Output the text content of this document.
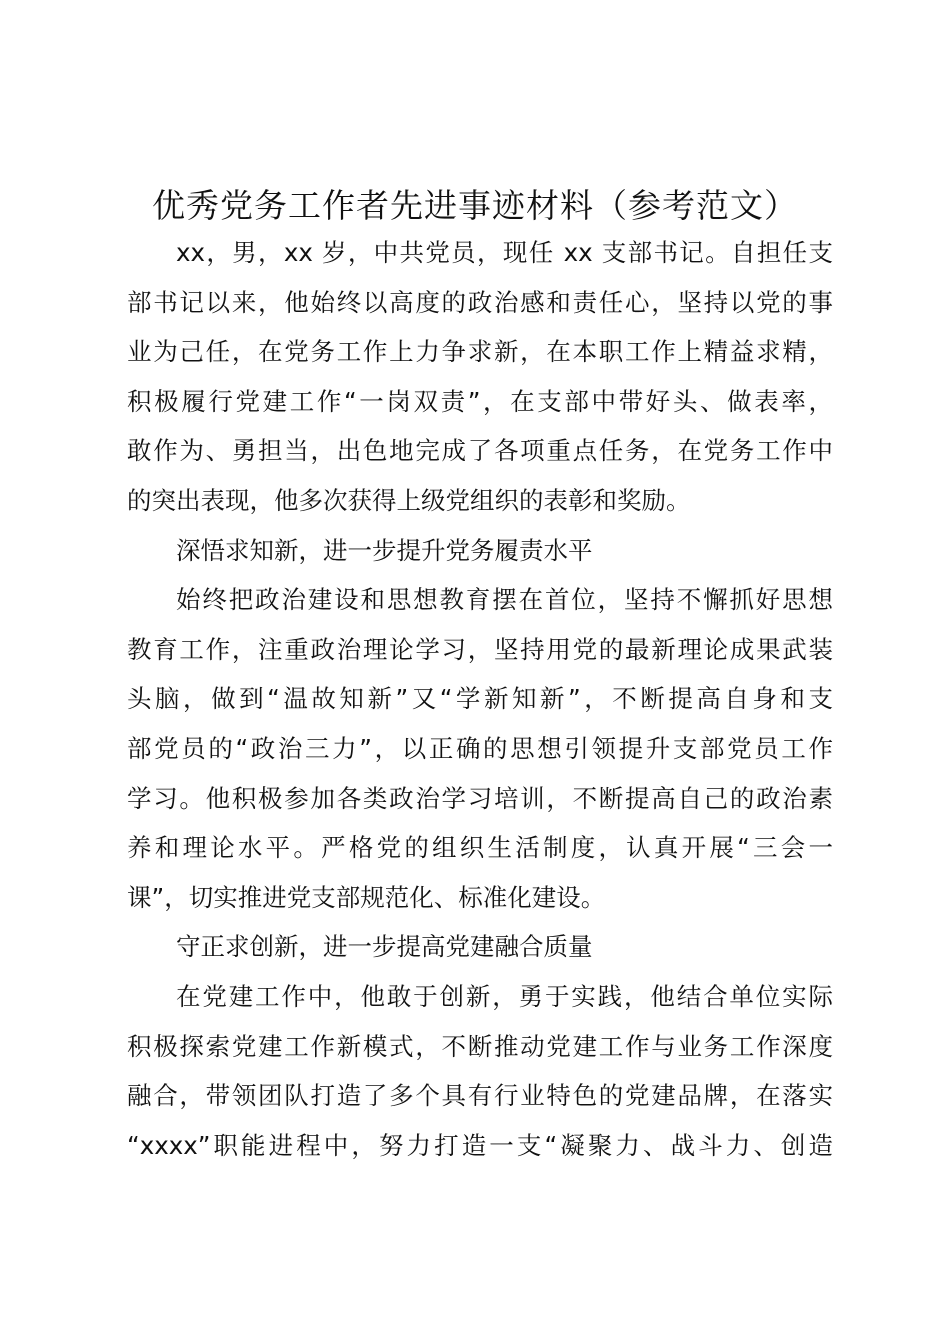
优秀党务工作者先进事迹材料（参考范文）
xx，男，xx 岁，中共党员，现任 xx 支部书记。自担任支
部书记以来，他始终以高度的政治感和责任心，坚持以党的事
业为己任，在党务工作上力争求新，在本职工作上精益求精，
积极履行党建工作“一岗双责”，在支部中带好头、做表率，
敢作为、勇担当，出色地完成了各项重点任务，在党务工作中
的突出表现，他多次获得上级党组织的表彰和奖励。
深悟求知新，进一步提升党务履责水平
始终把政治建设和思想教育摆在首位，坚持不懈抓好思想
教育工作，注重政治理论学习，坚持用党的最新理论成果武装
头脑，做到“温故知新”又“学新知新”，不断提高自身和支
部党员的“政治三力”，以正确的思想引领提升支部党员工作
学习。他积极参加各类政治学习培训，不断提高自己的政治素
养和理论水平。严格党的组织生活制度，认真开展“三会一
课”，切实推进党支部规范化、标准化建设。
守正求创新，进一步提高党建融合质量
在党建工作中，他敢于创新，勇于实践，他结合单位实际
积极探索党建工作新模式，不断推动党建工作与业务工作深度
融合，带领团队打造了多个具有行业特色的党建品牌，在落实
“xxxx”职能进程中，努力打造一支“凝聚力、战斗力、创造
